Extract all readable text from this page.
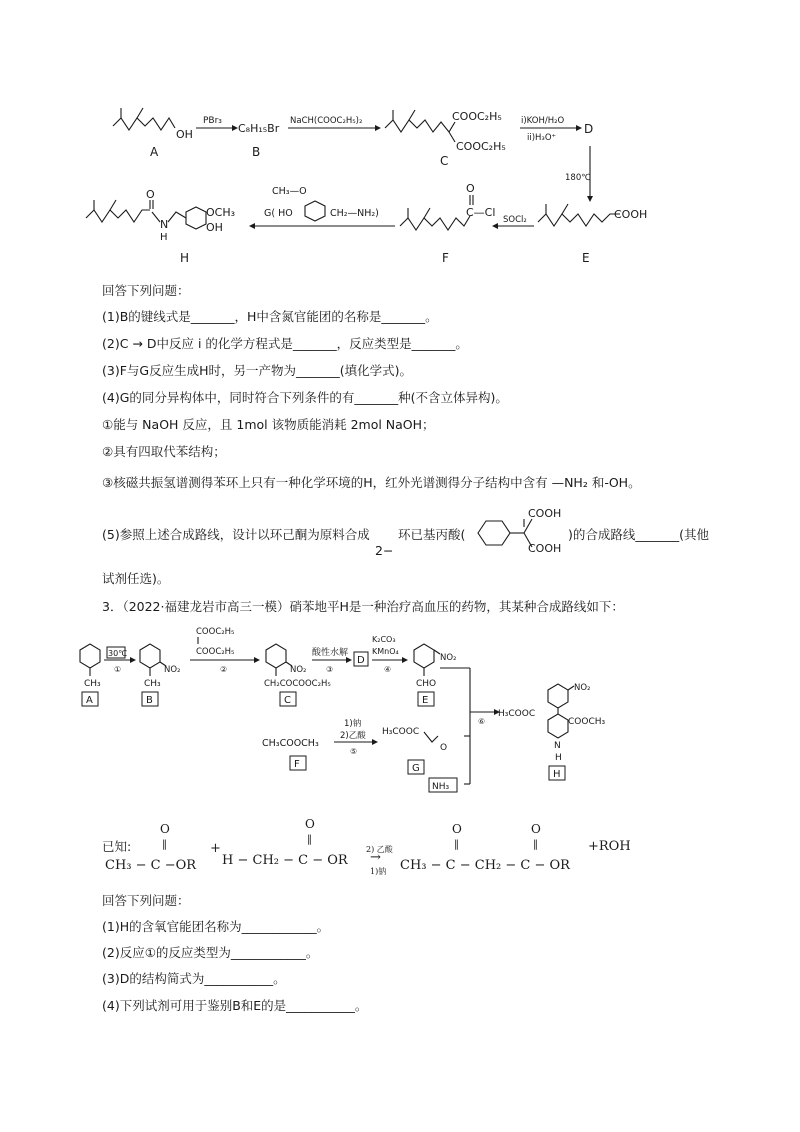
OH
A
PBr₃
C₈H₁₅Br
B
NaCH(COOC₂H₅)₂	COOC₂H₅
COOC₂H₅
C
i)KOH/H₂O
ii)H₃O⁺
D
180℃
COOH
E
SOCl₂
O
C—Cl
F
CH₃—O
G( HO	CH₂—NH₂)
O
N
H
OCH₃
OH
H
回答下列问题：
(1)B的键线式是_______，H中含氮官能团的名称是_______。
(2)C → D中反应 i 的化学方程式是_______，反应类型是_______。
(3)F与G反应生成H时，另一产物为_______(填化学式)。
(4)G的同分异构体中，同时符合下列条件的有_______种(不含立体异构)。
①能与 NaOH 反应，且 1mol 该物质能消耗 2mol NaOH；
②具有四取代苯结构；
③核磁共振氢谱测得苯环上只有一种化学环境的H，红外光谱测得分子结构中含有 —NH₂ 和-OH。
(5)参照上述合成路线，设计以环己酮为原料合成
2−
环已基丙酸(
COOH
COOH
)的合成路线_______(其他
试剂任选)。
3．（2022·福建龙岩市高三一模）硝苯地平H是一种治疗高血压的药物，其某种合成路线如下：
CH₃
A
30℃
①	NO₂
CH₃
B
COOC₂H₅
COOC₂H₅
②	NO₂
CH₂COCOOC₂H₅
C
酸性水解
③
D
K₂CO₃
KMnO₄
④
NO₂
CHO
E
⑥
H₃COOC
NO₂
COOCH₃
N
H
H
CH₃COOCH₃
F
1)钠
2)乙酸
⑤
H₃COOC
O
G
NH₃
已知:
O
‖
CH₃ − C −OR
+
O
‖
H − CH₂ − C − OR
2) 乙酸
→
1)钠
O
‖
O
‖
CH₃ − C − CH₂ − C − OR
+ROH
回答下列问题：
(1)H的含氧官能团名称为____________。
(2)反应①的反应类型为____________。
(3)D的结构简式为___________。
(4)下列试剂可用于鉴别B和E的是___________。
